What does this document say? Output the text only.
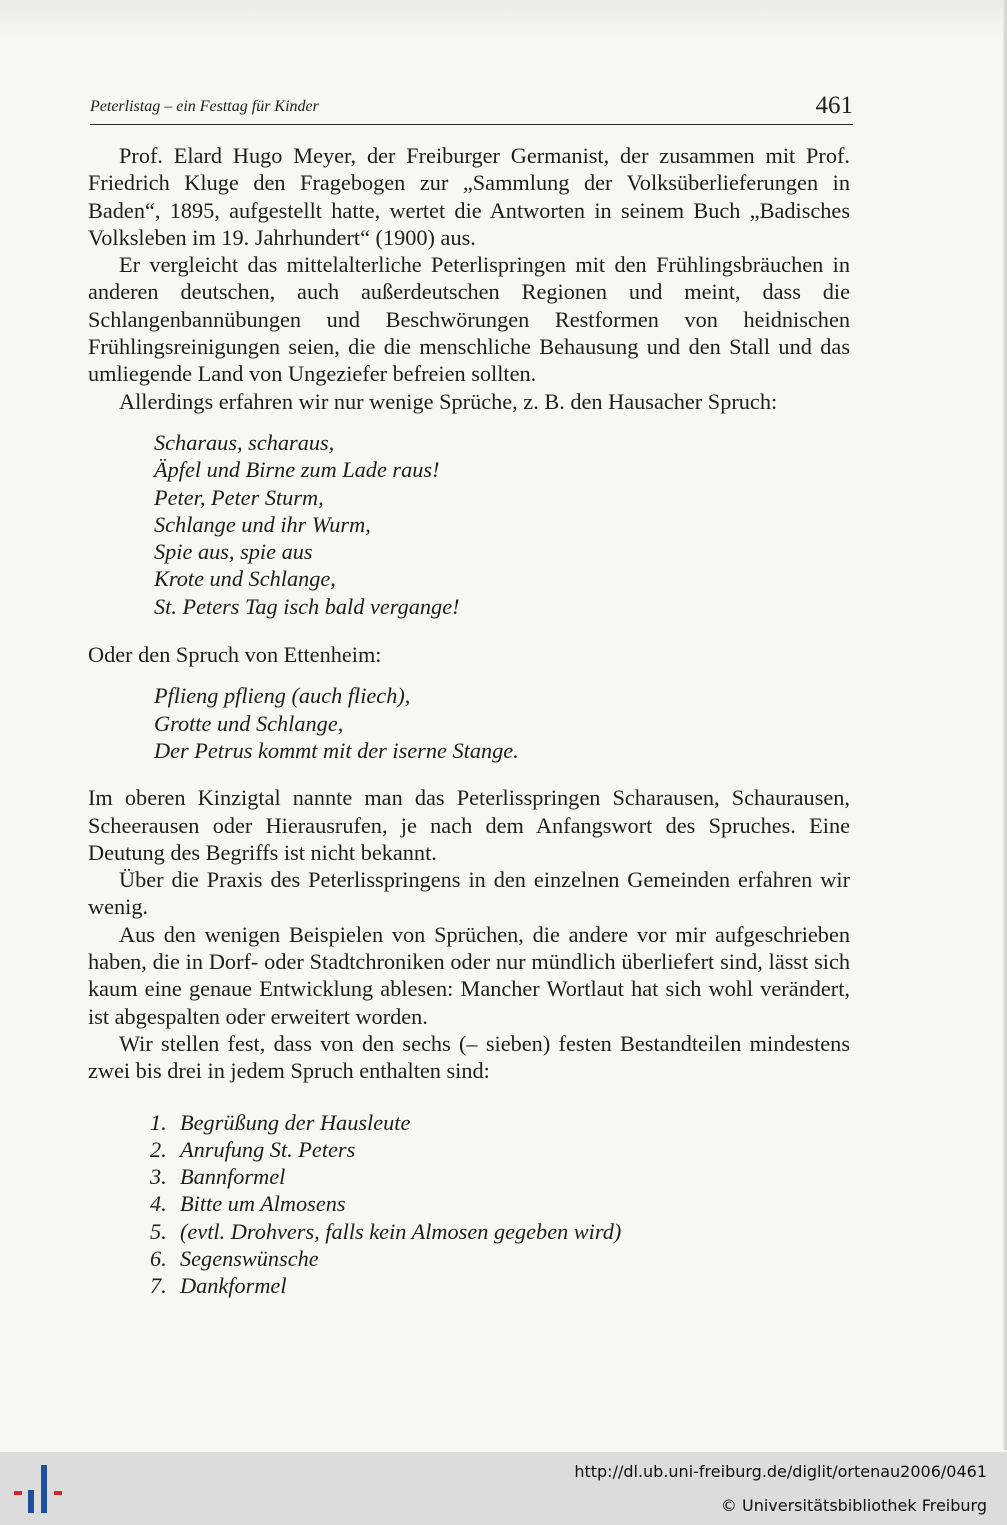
Peterlistag – ein Festtag für Kinder	461

Prof. Elard Hugo Meyer, der Freiburger Germanist, der zusammen mit Prof. Friedrich Kluge den Fragebogen zur „Sammlung der Volksüberlieferungen in Baden“, 1895, aufgestellt hatte, wertet die Antworten in seinem Buch „Badisches Volksleben im 19. Jahrhundert“ (1900) aus.

Er vergleicht das mittelalterliche Peterlispringen mit den Frühlingsbräuchen in anderen deutschen, auch außerdeutschen Regionen und meint, dass die Schlangenbannübungen und Beschwörungen Restformen von heidnischen Frühlingsreinigungen seien, die die menschliche Behausung und den Stall und das umliegende Land von Ungeziefer befreien sollten.

Allerdings erfahren wir nur wenige Sprüche, z. B. den Hausacher Spruch:

Scharaus, scharaus,
Äpfel und Birne zum Lade raus!
Peter, Peter Sturm,
Schlange und ihr Wurm,
Spie aus, spie aus
Krote und Schlange,
St. Peters Tag isch bald vergange!

Oder den Spruch von Ettenheim:

Pflieng pflieng (auch fliech),
Grotte und Schlange,
Der Petrus kommt mit der iserne Stange.

Im oberen Kinzigtal nannte man das Peterlisspringen Scharausen, Schaurausen, Scheerausen oder Hierausrufen, je nach dem Anfangswort des Spruches. Eine Deutung des Begriffs ist nicht bekannt.

Über die Praxis des Peterlisspringens in den einzelnen Gemeinden erfahren wir wenig.

Aus den wenigen Beispielen von Sprüchen, die andere vor mir aufgeschrieben haben, die in Dorf- oder Stadtchroniken oder nur mündlich überliefert sind, lässt sich kaum eine genaue Entwicklung ablesen: Mancher Wortlaut hat sich wohl verändert, ist abgespalten oder erweitert worden.

Wir stellen fest, dass von den sechs (– sieben) festen Bestandteilen mindestens zwei bis drei in jedem Spruch enthalten sind:

1. Begrüßung der Hausleute
2. Anrufung St. Peters
3. Bannformel
4. Bitte um Almosens
5. (evtl. Drohvers, falls kein Almosen gegeben wird)
6. Segenswünsche
7. Dankformel
http://dl.ub.uni-freiburg.de/diglit/ortenau2006/0461
© Universitätsbibliothek Freiburg
